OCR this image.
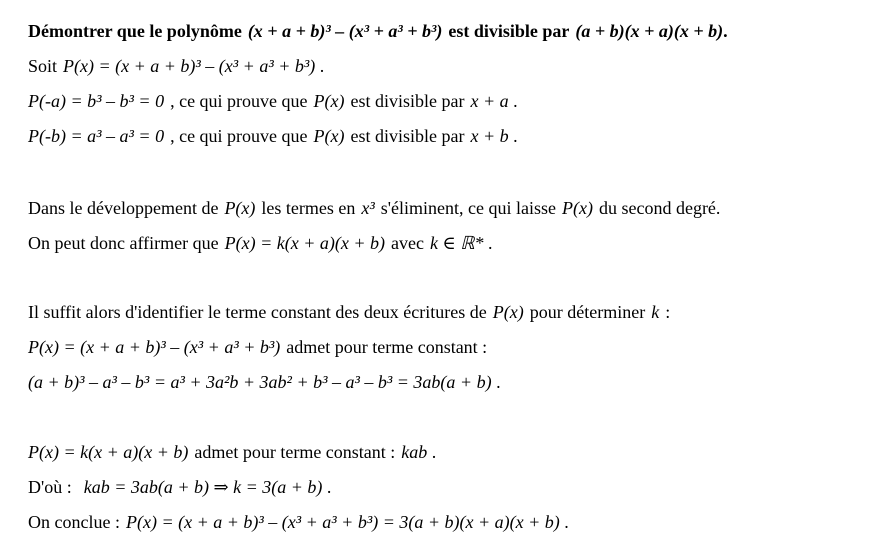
Démontrer que le polynôme (x + a + b)³ – (x³ + a³ + b³) est divisible par (a + b)(x + a)(x + b).
Soit P(x) = (x + a + b)³ – (x³ + a³ + b³) .
P(-a) = b³ – b³ = 0 , ce qui prouve que P(x) est divisible par x + a .
P(-b) = a³ – a³ = 0 , ce qui prouve que P(x) est divisible par x + b .
Dans le développement de P(x) les termes en x³ s'éliminent, ce qui laisse P(x) du second degré.
On peut donc affirmer que P(x) = k(x + a)(x + b) avec k ∈ ℝ* .
Il suffit alors d'identifier le terme constant des deux écritures de P(x) pour déterminer k :
P(x) = (x + a + b)³ – (x³ + a³ + b³) admet pour terme constant :
(a + b)³ – a³ – b³ = a³ + 3a²b + 3ab² + b³ – a³ – b³ = 3ab(a + b) .
P(x) = k(x + a)(x + b) admet pour terme constant : kab .
D'où : kab = 3ab(a + b) ⇒ k = 3(a + b) .
On conclue : P(x) = (x + a + b)³ – (x³ + a³ + b³) = 3(a + b)(x + a)(x + b) .
